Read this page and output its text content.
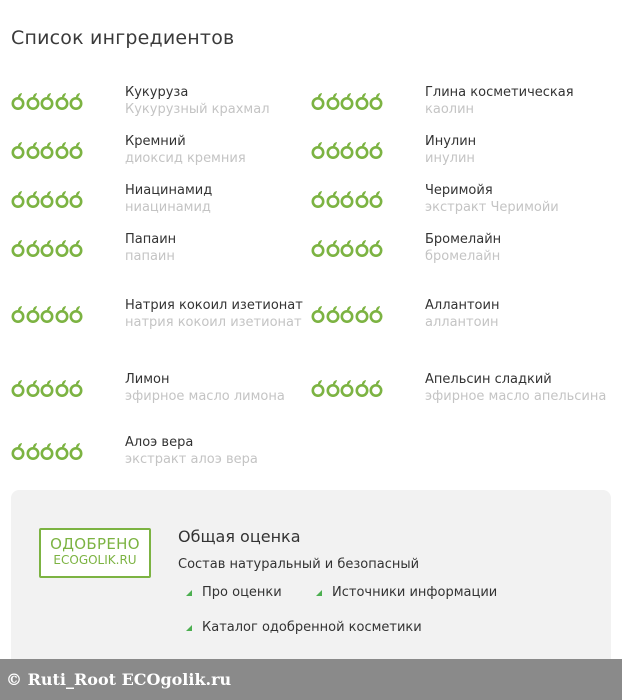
Список ингредиентов
Кукуруза
Кукурузный крахмал
Кремний
диоксид кремния
Ниацинамид
ниацинамид
Папаин
папаин
Натрия кокоил изетионат
натрия кокоил изетионат
Лимон
эфирное масло лимона
Алоэ вера
экстракт алоэ вера
Глина косметическая
каолин
Инулин
инулин
Черимойя
экстракт Черимойи
Бромелайн
бромелайн
Аллантоин
аллантоин
Апельсин сладкий
эфирное масло апельсина
ОДОБРЕНО
ECOGOLIK.RU
Общая оценка
Состав натуральный и безопасный
Про оценки	Источники информации
Каталог одобренной косметики
© Ruti_Root ECOgolik.ru
